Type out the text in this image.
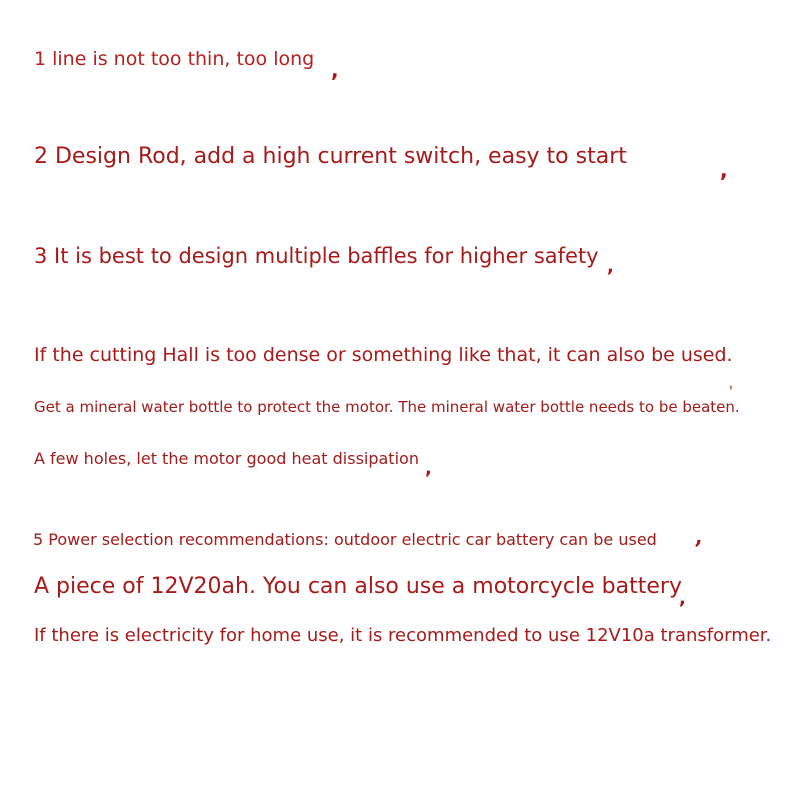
1 line is not too thin, too long ,
2 Design Rod, add a high current switch, easy to start
,
3 It is best to design multiple baffles for higher safety ,
If the cutting Hall is too dense or something like that, it can also be used.
'
Get a mineral water bottle to protect the motor. The mineral water bottle needs to be beaten.
A few holes, let the motor good heat dissipation ,
5 Power selection recommendations: outdoor electric car battery can be used ’
A piece of 12V20ah. You can also use a motorcycle battery
,
If there is electricity for home use, it is recommended to use 12V10a transformer.
